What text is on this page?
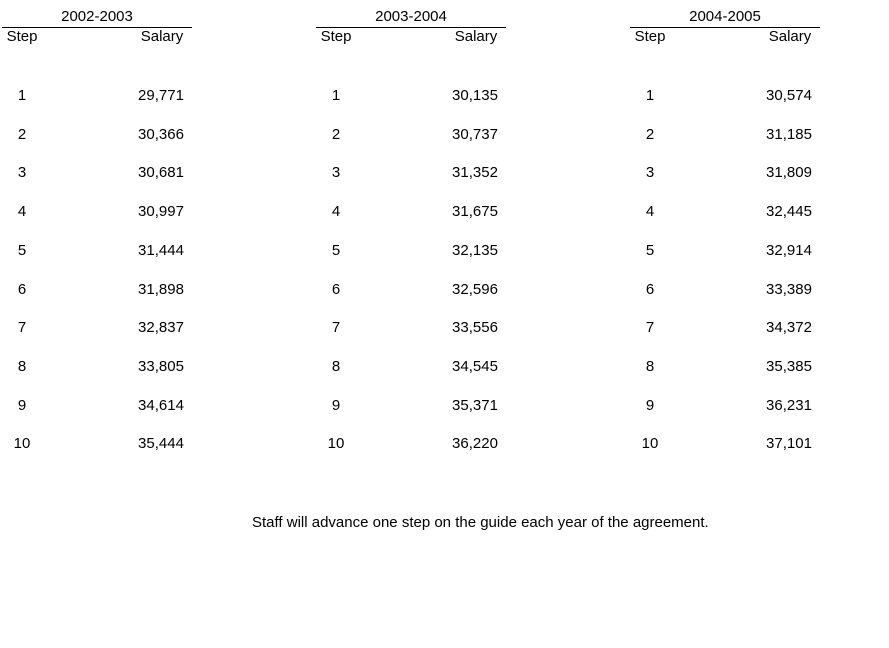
2002-2003
Step	Salary
1	29,771
2	30,366
3	30,681
4	30,997
5	31,444
6	31,898
7	32,837
8	33,805
9	34,614
10	35,444
2003-2004
Step	Salary
1	30,135
2	30,737
3	31,352
4	31,675
5	32,135
6	32,596
7	33,556
8	34,545
9	35,371
10	36,220
2004-2005
Step	Salary
1	30,574
2	31,185
3	31,809
4	32,445
5	32,914
6	33,389
7	34,372
8	35,385
9	36,231
10	37,101
Staff will advance one step on the guide each year of the agreement.
